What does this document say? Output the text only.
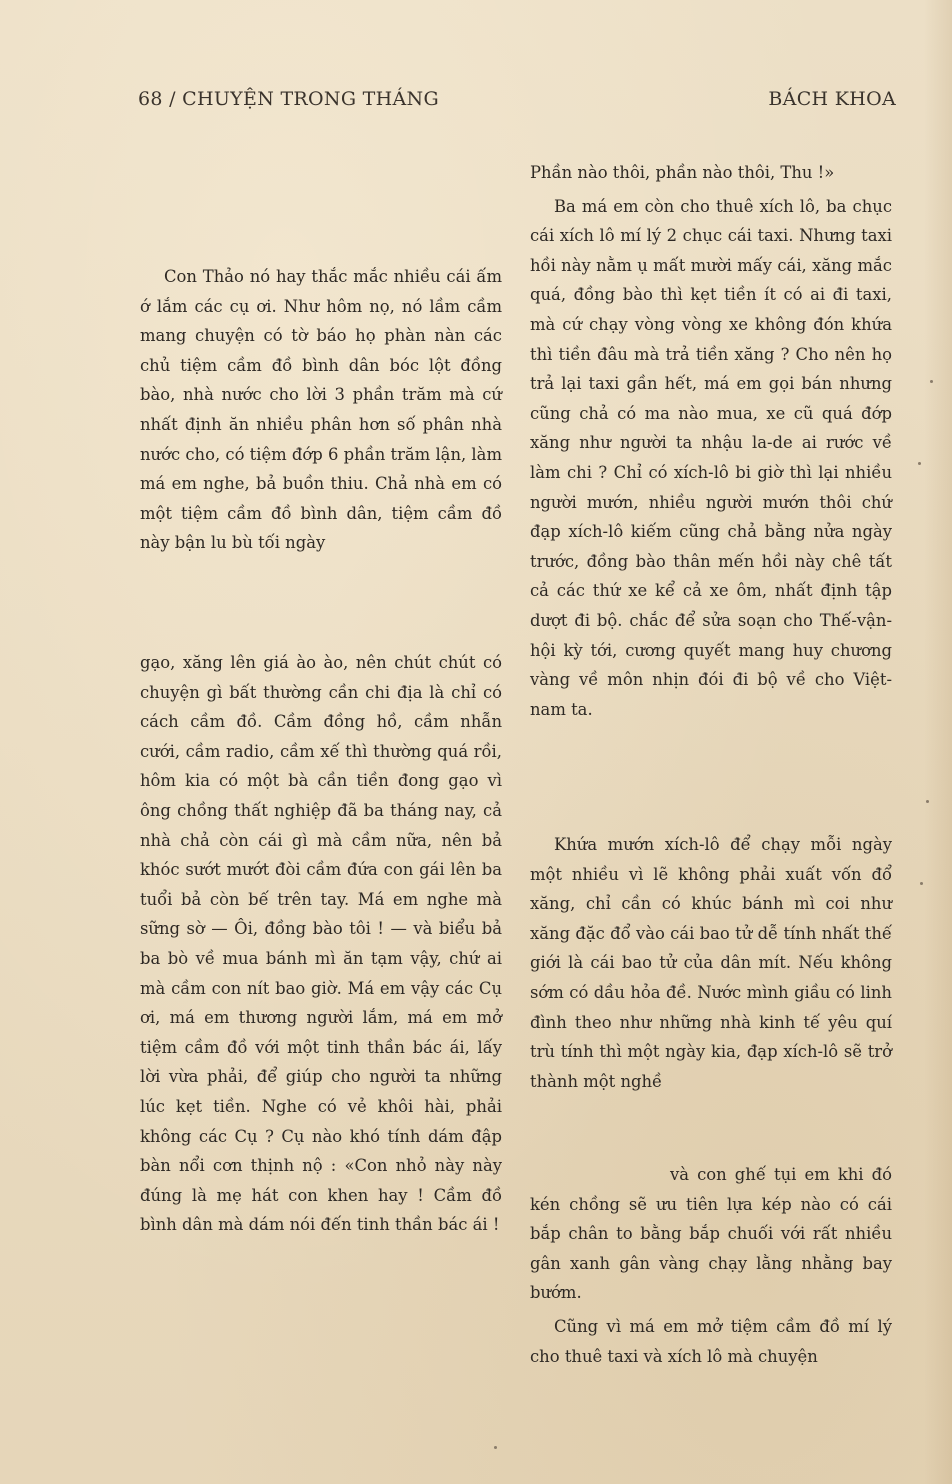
68 / CHUYỆN TRONG THÁNG	BÁCH KHOA

Con Thảo nó hay thắc mắc nhiều cái ấm ớ lắm các cụ ơi. Như hôm nọ, nó lầm cầm mang chuyện có tờ báo họ phàn nàn các chủ tiệm cầm đồ bình dân bóc lột đồng bào, nhà nước cho lời 3 phần trăm mà cứ nhất định ăn nhiều phân hơn số phân nhà nước cho, có tiệm đớp 6 phần trăm lận, làm má em nghe, bả buồn thiu. Chả nhà em có một tiệm cầm đồ bình dân, tiệm cầm đồ này bận lu bù tối ngày

gạo, xăng lên giá ào ào, nên chút chút có chuyện gì bất thường cần chi địa là chỉ có cách cầm đồ. Cầm đồng hồ, cầm nhẫn cưới, cầm radio, cầm xế thì thường quá rồi, hôm kia có một bà cần tiền đong gạo vì ông chồng thất nghiệp đã ba tháng nay, cả nhà chả còn cái gì mà cầm nữa, nên bả khóc sướt mướt đòi cầm đứa con gái lên ba tuổi bả còn bế trên tay. Má em nghe mà sững sờ — Ôi, đồng bào tôi ! — và biểu bả ba bò về mua bánh mì ăn tạm vậy, chứ ai mà cầm con nít bao giờ. Má em vậy các Cụ ơi, má em thương người lắm, má em mở tiệm cầm đồ với một tinh thần bác ái, lấy lời vừa phải, để giúp cho người ta những lúc kẹt tiền. Nghe có vẻ khôi hài, phải không các Cụ ? Cụ nào khó tính dám đập bàn nổi cơn thịnh nộ : «Con nhỏ này này đúng là mẹ hát con khen hay ! Cầm đồ bình dân mà dám nói đến tinh thần bác ái !

Phần nào thôi, phần nào thôi, Thu !»

Ba má em còn cho thuê xích lô, ba chục cái xích lô mí lý 2 chục cái taxi. Nhưng taxi hồi này nằm ụ mất mười mấy cái, xăng mắc quá, đồng bào thì kẹt tiền ít có ai đi taxi, mà cứ chạy vòng vòng xe không đón khứa thì tiền đâu mà trả tiền xăng ? Cho nên họ trả lại taxi gần hết, má em gọi bán nhưng cũng chả có ma nào mua, xe cũ quá đớp xăng như người ta nhậu la-de ai rước về làm chi ? Chỉ có xích-lô bi giờ thì lại nhiều người mướn, nhiều người mướn thôi chứ đạp xích-lô kiếm cũng chả bằng nửa ngày trước, đồng bào thân mến hồi này chê tất cả các thứ xe kể cả xe ôm, nhất định tập dượt đi bộ. chắc để sửa soạn cho Thế-vận-hội kỳ tới, cương quyết mang huy chương vàng về môn nhịn đói đi bộ về cho Việt-nam ta.

Khứa mướn xích-lô để chạy mỗi ngày một nhiều vì lẽ không phải xuất vốn đổ xăng, chỉ cần có khúc bánh mì coi như xăng đặc đổ vào cái bao tử dễ tính nhất thế giới là cái bao tử của dân mít. Nếu không sớm có dầu hỏa đề. Nước mình giầu có linh đình theo như những nhà kinh tế yêu quí trù tính thì một ngày kia, đạp xích-lô sẽ trở thành một nghề

và con ghế tụi em khi đó kén chồng sẽ ưu tiên lựa kép nào có cái bắp chân to bằng bắp chuối với rất nhiều gân xanh gân vàng chạy lằng nhằng bay bướm.

Cũng vì má em mở tiệm cầm đồ mí lý cho thuê taxi và xích lô mà chuyện
